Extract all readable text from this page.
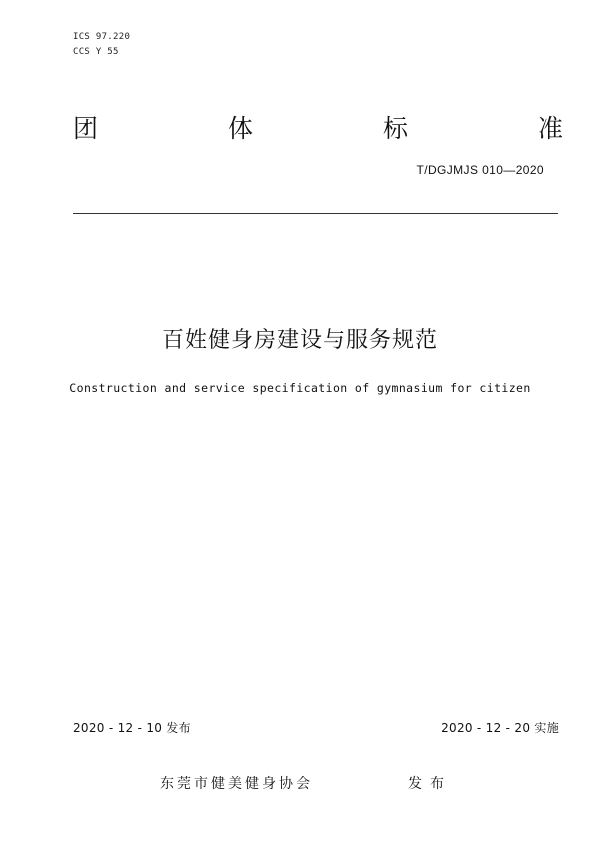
ICS 97.220
CCS Y 55
团	体	标	准
T/DGJMJS 010—2020
百姓健身房建设与服务规范
Construction and service specification of gymnasium for citizen
2020 - 12 - 10 发布	2020 - 12 - 20 实施
东莞市健美健身协会	发布
